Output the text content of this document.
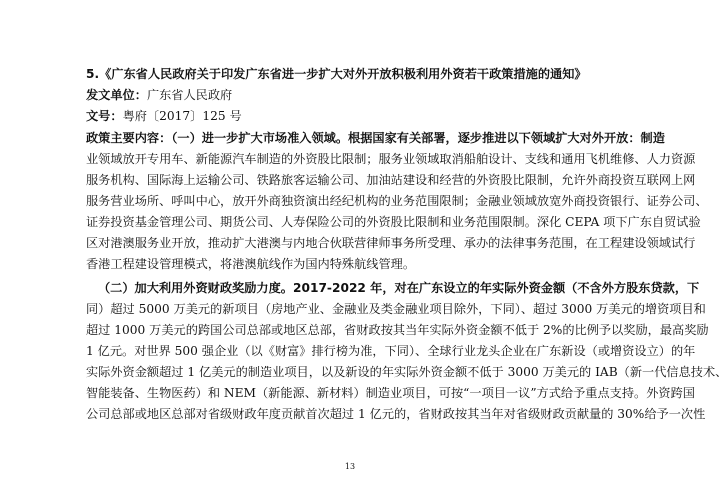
5.《广东省人民政府关于印发广东省进一步扩大对外开放积极利用外资若干政策措施的通知》
发文单位：广东省人民政府
文号：粤府〔2017〕125 号
政策主要内容：（一）进一步扩大市场准入领域。根据国家有关部署，逐步推进以下领域扩大对外开放：制造
业领域放开专用车、新能源汽车制造的外资股比限制；服务业领域取消船舶设计、支线和通用飞机维修、人力资源
服务机构、国际海上运输公司、铁路旅客运输公司、加油站建设和经营的外资股比限制，允许外商投资互联网上网
服务营业场所、呼叫中心，放开外商独资演出经纪机构的业务范围限制；金融业领域放宽外商投资银行、证券公司、
证券投资基金管理公司、期货公司、人寿保险公司的外资股比限制和业务范围限制。深化 CEPA 项下广东自贸试验
区对港澳服务业开放，推动扩大港澳与内地合伙联营律师事务所受理、承办的法律事务范围，在工程建设领域试行
香港工程建设管理模式，将港澳航线作为国内特殊航线管理。
（二）加大利用外资财政奖励力度。2017-2022 年，对在广东设立的年实际外资金额（不含外方股东贷款，下
同）超过 5000 万美元的新项目（房地产业、金融业及类金融业项目除外，下同）、超过 3000 万美元的增资项目和
超过 1000 万美元的跨国公司总部或地区总部，省财政按其当年实际外资金额不低于 2%的比例予以奖励，最高奖励
1 亿元。对世界 500 强企业（以《财富》排行榜为准，下同）、全球行业龙头企业在广东新设（或增资设立）的年
实际外资金额超过 1 亿美元的制造业项目，以及新设的年实际外资金额不低于 3000 万美元的 IAB（新一代信息技术、
智能装备、生物医药）和 NEM（新能源、新材料）制造业项目，可按“一项目一议”方式给予重点支持。外资跨国
公司总部或地区总部对省级财政年度贡献首次超过 1 亿元的，省财政按其当年对省级财政贡献量的 30%给予一次性
13
